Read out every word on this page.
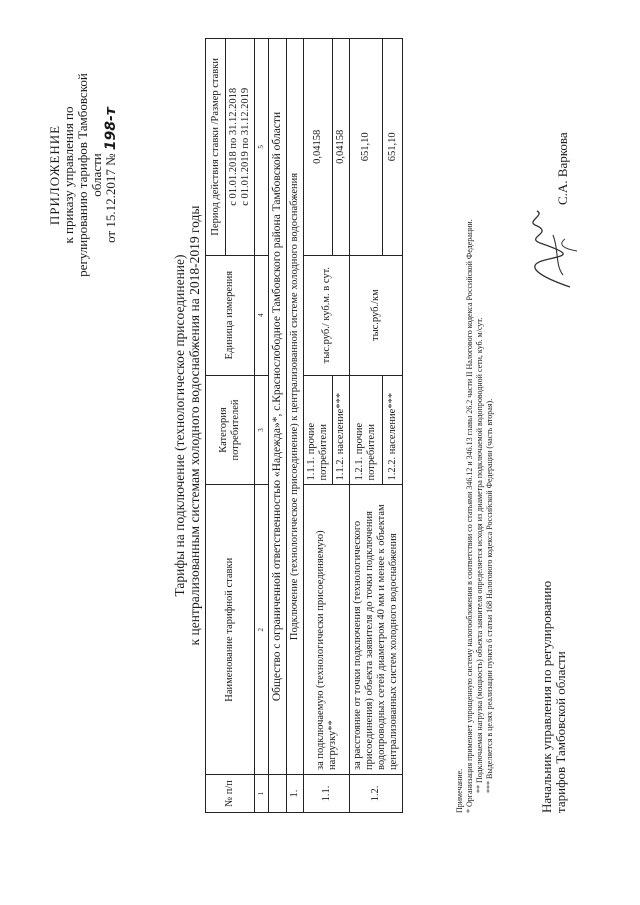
ПРИЛОЖЕНИЕ к приказу управления по регулированию тарифов Тамбовской области от 15.12.2017 № 198-т
Тарифы на подключение (технологическое присоединение) к централизованным системам холодного водоснабжения на 2018-2019 годы
№ п/п	Наименование тарифной ставки	Категория потребителей	Единица измерения	Период действия ставки /Размер ставки

				с 01.01.2018 по 31.12.2018 с 01.01.2019 по 31.12.2019

1	2	3	4	5
	Общество с ограниченной ответственностью «Надежда»*, с.Краснослободное Тамбовского района Тамбовской области			
1.	Подключение (технологическое присоединение) к централизованной системе холодного водоснабжения			
1.1.	за подключаемую (технологически присоединяемую) нагрузку**	1.1.1. прочие потребители	тыс.руб./ куб.м. в сут.	0,04158
		1.1.2. население***		0,04158
1.2.	за расстояние от точки подключения (технологического присоединения) объекта заявителя до точки подключения водопроводных сетей диаметром 40 мм и менее к объектам централизованных систем холодного водоснабжения	1.2.1. прочие потребители	тыс.руб./км	651,10
		1.2.2. население***		651,10
Примечание. * Организация применяет упрощенную систему налогообложения в соответствии со статьями 346.12 и 346.13 главы 26.2 части II Налогового кодекса Российской Федерации. ** Подключаемая нагрузка (мощность) объекта заявителя определяется исходя из диаметра подключаемой водопроводной сети, куб. м/сут. *** Выделяется в целях реализации пункта 6 статьи 168 Налогового кодекса Российской Федерации (часть вторая).	Начальник управления по регулированию тарифов Тамбовской области
С.А. Варкова
